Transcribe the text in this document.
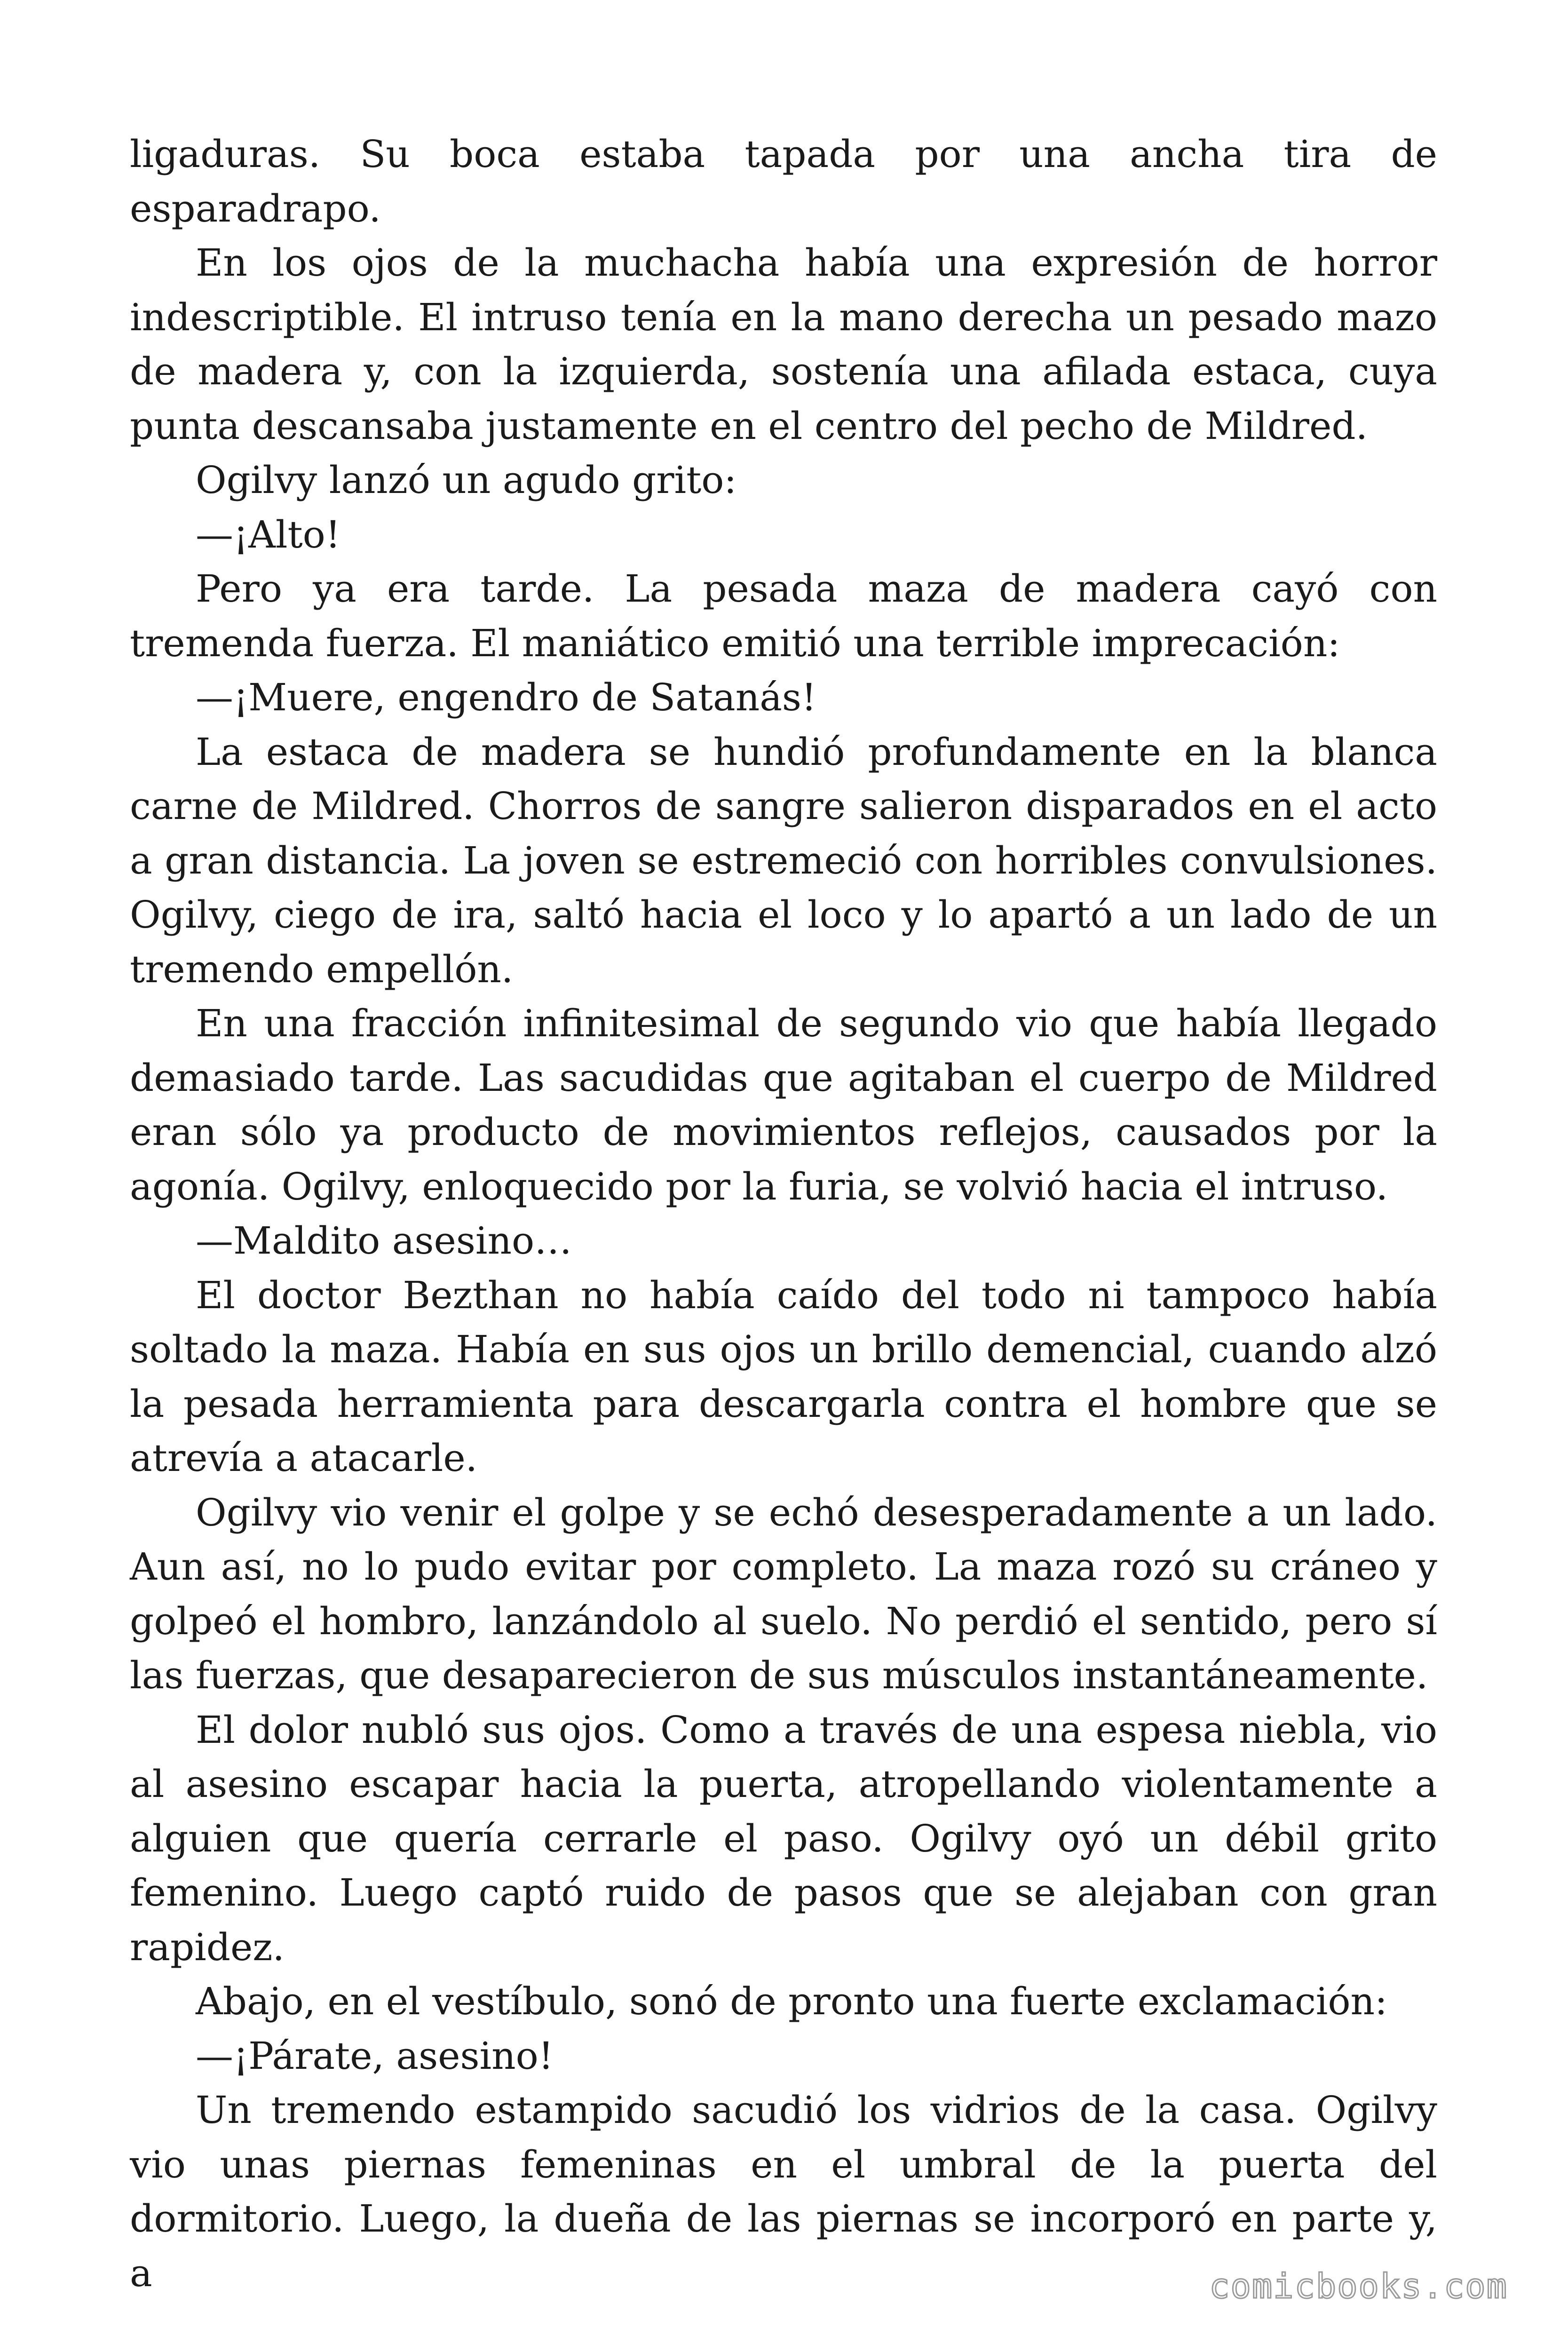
ligaduras. Su boca estaba tapada por una ancha tira de esparadrapo.

En los ojos de la muchacha había una expresión de horror indescriptible. El intruso tenía en la mano derecha un pesado mazo de madera y, con la izquierda, sostenía una afilada estaca, cuya punta descansaba justamente en el centro del pecho de Mildred.

Ogilvy lanzó un agudo grito:

—¡Alto!

Pero ya era tarde. La pesada maza de madera cayó con tremenda fuerza. El maniático emitió una terrible imprecación:

—¡Muere, engendro de Satanás!

La estaca de madera se hundió profundamente en la blanca carne de Mildred. Chorros de sangre salieron disparados en el acto a gran distancia. La joven se estremeció con horribles convulsiones. Ogilvy, ciego de ira, saltó hacia el loco y lo apartó a un lado de un tremendo empellón.

En una fracción infinitesimal de segundo vio que había llegado demasiado tarde. Las sacudidas que agitaban el cuerpo de Mildred eran sólo ya producto de movimientos reflejos, causados por la agonía. Ogilvy, enloquecido por la furia, se volvió hacia el intruso.

—Maldito asesino…

El doctor Bezthan no había caído del todo ni tampoco había soltado la maza. Había en sus ojos un brillo demencial, cuando alzó la pesada herramienta para descargarla contra el hombre que se atrevía a atacarle.

Ogilvy vio venir el golpe y se echó desesperadamente a un lado. Aun así, no lo pudo evitar por completo. La maza rozó su cráneo y golpeó el hombro, lanzándolo al suelo. No perdió el sentido, pero sí las fuerzas, que desaparecieron de sus músculos instantáneamente.

El dolor nubló sus ojos. Como a través de una espesa niebla, vio al asesino escapar hacia la puerta, atropellando violentamente a alguien que quería cerrarle el paso. Ogilvy oyó un débil grito femenino. Luego captó ruido de pasos que se alejaban con gran rapidez.

Abajo, en el vestíbulo, sonó de pronto una fuerte exclamación:

—¡Párate, asesino!

Un tremendo estampido sacudió los vidrios de la casa. Ogilvy vio unas piernas femeninas en el umbral de la puerta del dormitorio. Luego, la dueña de las piernas se incorporó en parte y, a	comicbooks.com
